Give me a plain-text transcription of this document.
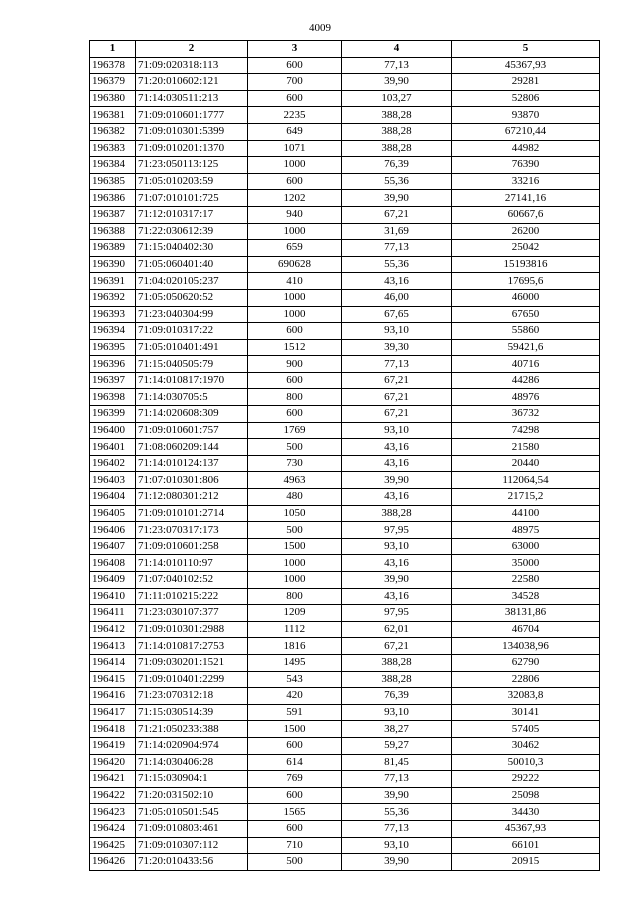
4009
1	2	3	4	5
196378	71:09:020318:113	600	77,13	45367,93
196379	71:20:010602:121	700	39,90	29281
196380	71:14:030511:213	600	103,27	52806
196381	71:09:010601:1777	2235	388,28	93870
196382	71:09:010301:5399	649	388,28	67210,44
196383	71:09:010201:1370	1071	388,28	44982
196384	71:23:050113:125	1000	76,39	76390
196385	71:05:010203:59	600	55,36	33216
196386	71:07:010101:725	1202	39,90	27141,16
196387	71:12:010317:17	940	67,21	60667,6
196388	71:22:030612:39	1000	31,69	26200
196389	71:15:040402:30	659	77,13	25042
196390	71:05:060401:40	690628	55,36	15193816
196391	71:04:020105:237	410	43,16	17695,6
196392	71:05:050620:52	1000	46,00	46000
196393	71:23:040304:99	1000	67,65	67650
196394	71:09:010317:22	600	93,10	55860
196395	71:05:010401:491	1512	39,30	59421,6
196396	71:15:040505:79	900	77,13	40716
196397	71:14:010817:1970	600	67,21	44286
196398	71:14:030705:5	800	67,21	48976
196399	71:14:020608:309	600	67,21	36732
196400	71:09:010601:757	1769	93,10	74298
196401	71:08:060209:144	500	43,16	21580
196402	71:14:010124:137	730	43,16	20440
196403	71:07:010301:806	4963	39,90	112064,54
196404	71:12:080301:212	480	43,16	21715,2
196405	71:09:010101:2714	1050	388,28	44100
196406	71:23:070317:173	500	97,95	48975
196407	71:09:010601:258	1500	93,10	63000
196408	71:14:010110:97	1000	43,16	35000
196409	71:07:040102:52	1000	39,90	22580
196410	71:11:010215:222	800	43,16	34528
196411	71:23:030107:377	1209	97,95	38131,86
196412	71:09:010301:2988	1112	62,01	46704
196413	71:14:010817:2753	1816	67,21	134038,96
196414	71:09:030201:1521	1495	388,28	62790
196415	71:09:010401:2299	543	388,28	22806
196416	71:23:070312:18	420	76,39	32083,8
196417	71:15:030514:39	591	93,10	30141
196418	71:21:050233:388	1500	38,27	57405
196419	71:14:020904:974	600	59,27	30462
196420	71:14:030406:28	614	81,45	50010,3
196421	71:15:030904:1	769	77,13	29222
196422	71:20:031502:10	600	39,90	25098
196423	71:05:010501:545	1565	55,36	34430
196424	71:09:010803:461	600	77,13	45367,93
196425	71:09:010307:112	710	93,10	66101
196426	71:20:010433:56	500	39,90	20915
